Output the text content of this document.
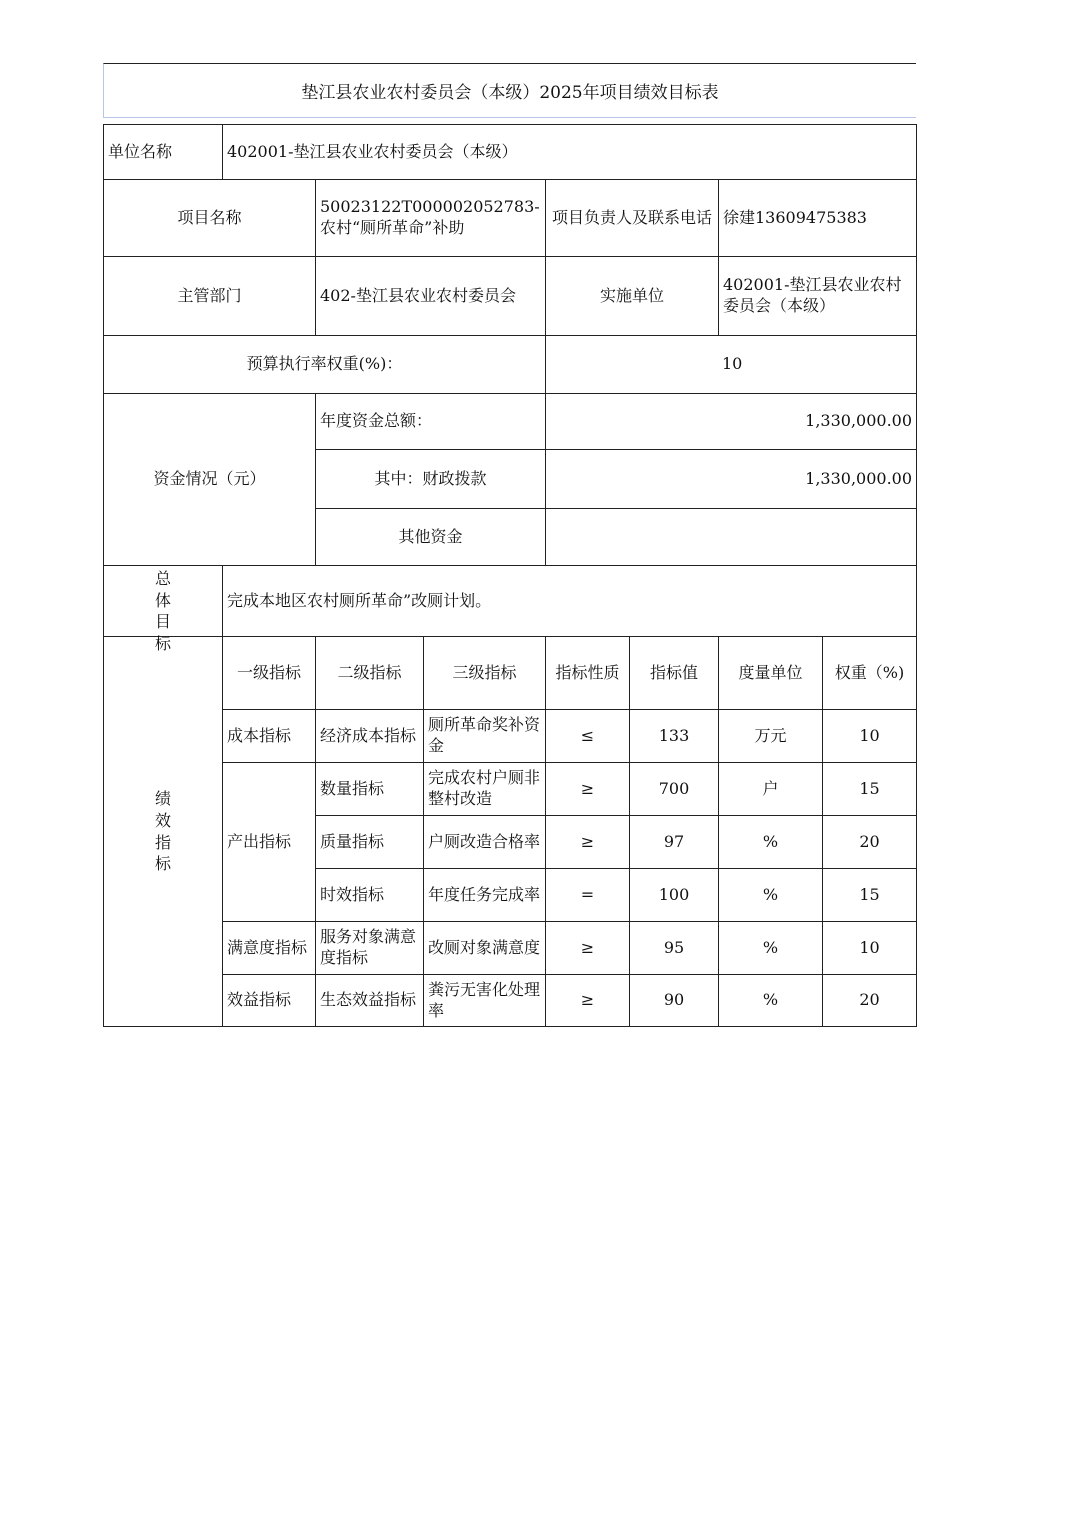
垫江县农业农村委员会（本级）2025年项目绩效目标表
单位名称	402001-垫江县农业农村委员会（本级）						
项目名称		50023122T000002052783-农村“厕所革命”补助		项目负责人及联系电话		徐建13609475383	
主管部门		402-垫江县农业农村委员会		实施单位		402001-垫江县农业农村委员会（本级）	
预算执行率权重(%)：				10			
资金情况（元）		年度资金总额：		1,330,000.00			
		其中：财政拨款		1,330,000.00			
		其他资金					

总体目标	完成本地区农村厕所革命”改厕计划。						

绩效指标	一级指标	二级指标	三级指标	指标性质	指标值	度量单位	权重（%)
	成本指标	经济成本指标	厕所革命奖补资金	≤	133	万元	10
	产出指标	数量指标	完成农村户厕非整村改造	≥	700	户	15
		质量指标	户厕改造合格率	≥	97	%	20
		时效指标	年度任务完成率	=	100	%	15
	满意度指标	服务对象满意度指标	改厕对象满意度	≥	95	%	10
	效益指标	生态效益指标	粪污无害化处理率	≥	90	%	20
